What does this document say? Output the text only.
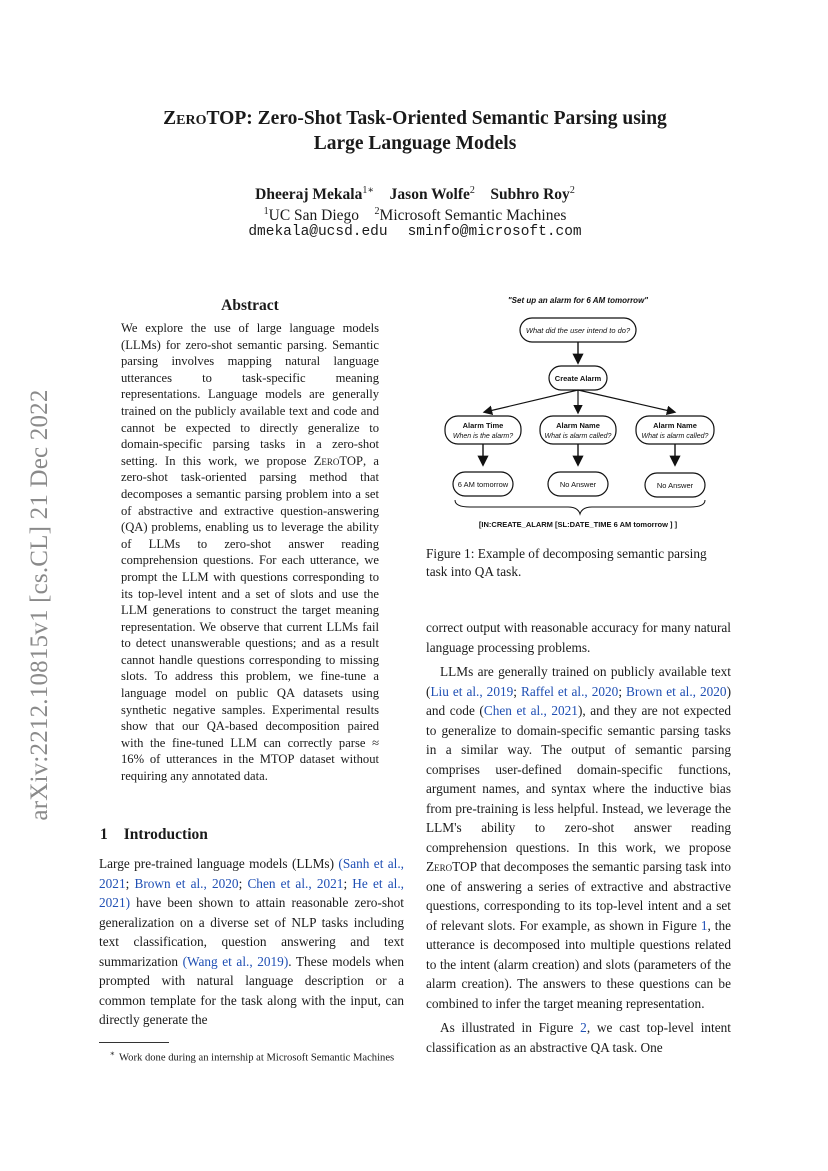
arXiv:2212.10815v1 [cs.CL] 21 Dec 2022
ZeroTOP: Zero-Shot Task-Oriented Semantic Parsing using
Large Language Models
Dheeraj Mekala$^{1∗}$ Jason Wolfe$^2$ Subhro Roy$^2$
$^1$UC San Diego $^2$Microsoft Semantic Machines
dmekala@ucsd.edu sminfo@microsoft.com
Abstract
We explore the use of large language models (LLMs) for zero-shot semantic parsing. Semantic parsing involves mapping natural language utterances to task-specific meaning representations. Language models are generally trained on the publicly available text and code and cannot be expected to directly generalize to domain-specific parsing tasks in a zero-shot setting. In this work, we propose ZeroTOP, a zero-shot task-oriented parsing method that decomposes a semantic parsing problem into a set of abstractive and extractive question-answering (QA) problems, enabling us to leverage the ability of LLMs to zero-shot answer reading comprehension questions. For each utterance, we prompt the LLM with questions corresponding to its top-level intent and a set of slots and use the LLM generations to construct the target meaning representation. We observe that current LLMs fail to detect unanswerable questions; and as a result cannot handle questions corresponding to missing slots. To address this problem, we fine-tune a language model on public QA datasets using synthetic negative samples. Experimental results show that our QA-based decomposition paired with the fine-tuned LLM can correctly parse ≈ 16% of utterances in the MTOP dataset without requiring any annotated data.
1 Introduction
Large pre-trained language models (LLMs) (Sanh et al., 2021; Brown et al., 2020; Chen et al., 2021; He et al., 2021) have been shown to attain reasonable zero-shot generalization on a diverse set of NLP tasks including text classification, question answering and text summarization (Wang et al., 2019). These models when prompted with natural language description or a common template for the task along with the input, can directly generate the
∗ Work done during an internship at Microsoft Semantic Machines
"Set up an alarm for 6 AM tomorrow"
What did the user intend to do?
Create Alarm
Alarm Time
When is the alarm?
Alarm Name
What is alarm called?
Alarm Name
What is alarm called?
6 AM tomorrow	No Answer	No Answer
[IN:CREATE_ALARM [SL:DATE_TIME 6 AM tomorrow ] ]
Figure 1: Example of decomposing semantic parsing task into QA task.

correct output with reasonable accuracy for many natural language processing problems.

LLMs are generally trained on publicly available text (Liu et al., 2019; Raffel et al., 2020; Brown et al., 2020) and code (Chen et al., 2021), and they are not expected to generalize to domain-specific semantic parsing tasks in a similar way. The output of semantic parsing comprises user-defined domain-specific functions, argument names, and syntax where the inductive bias from pre-training is less helpful. Instead, we leverage the LLM's ability to zero-shot answer reading comprehension questions. In this work, we propose ZeroTOP that decomposes the semantic parsing task into one of answering a series of extractive and abstractive questions, corresponding to its top-level intent and a set of relevant slots. For example, as shown in Figure 1, the utterance is decomposed into multiple questions related to the intent (alarm creation) and slots (parameters of the alarm creation). The answers to these questions can be combined to infer the target meaning representation.

As illustrated in Figure 2, we cast top-level intent classification as an abstractive QA task. One
